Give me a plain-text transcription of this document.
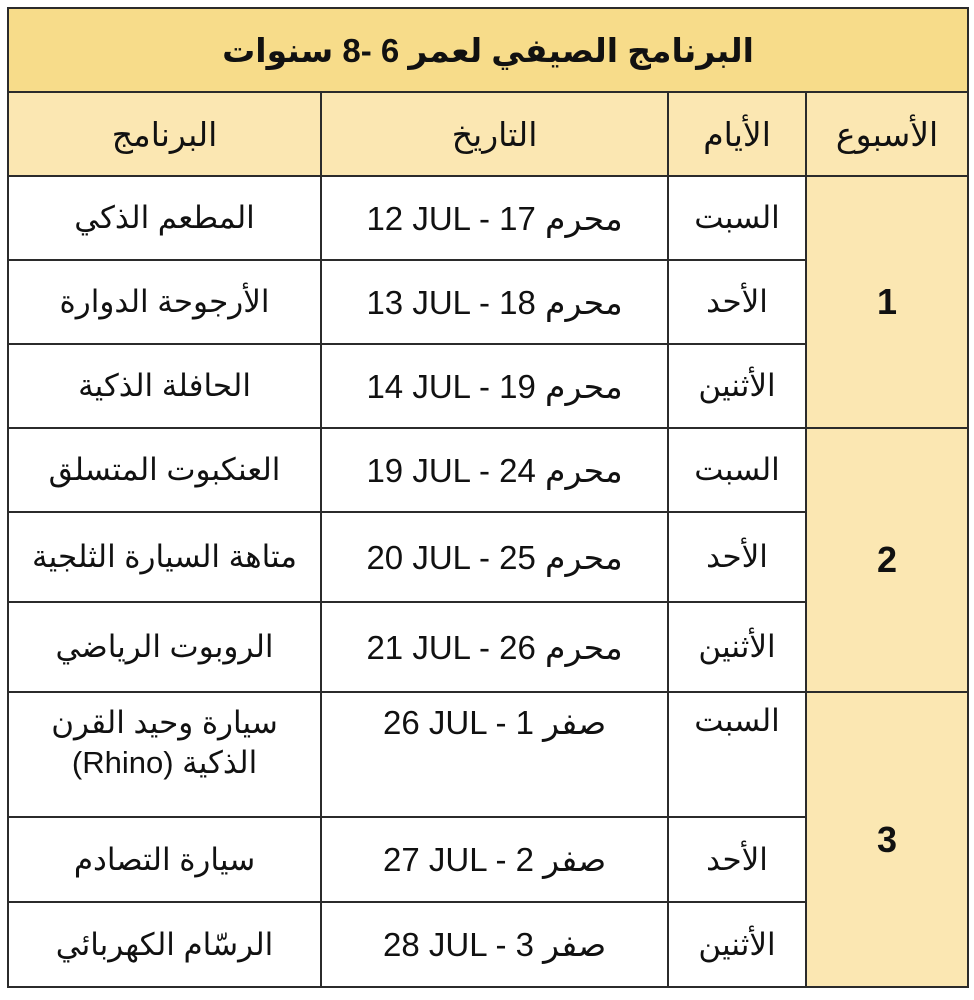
البرنامج الصيفي لعمر 6 -8 سنوات			
الأسبوع	الأيام	التاريخ	البرنامج
1	السبت	12 JUL - محرم 17	المطعم الذكي
	الأحد	13 JUL - محرم 18	الأرجوحة الدوارة
	الأثنين	14 JUL - محرم 19	الحافلة الذكية
2	السبت	19 JUL - محرم 24	العنكبوت المتسلق
	الأحد	20 JUL - محرم 25	متاهة السيارة الثلجية
	الأثنين	21 JUL - محرم 26	الروبوت الرياضي
3	السبت	26 JUL - صفر 1	سيارة وحيد القرن الذكية (Rhino)
	الأحد	27 JUL - صفر 2	سيارة التصادم
	الأثنين	28 JUL - صفر 3	الرسّام الكهربائي
